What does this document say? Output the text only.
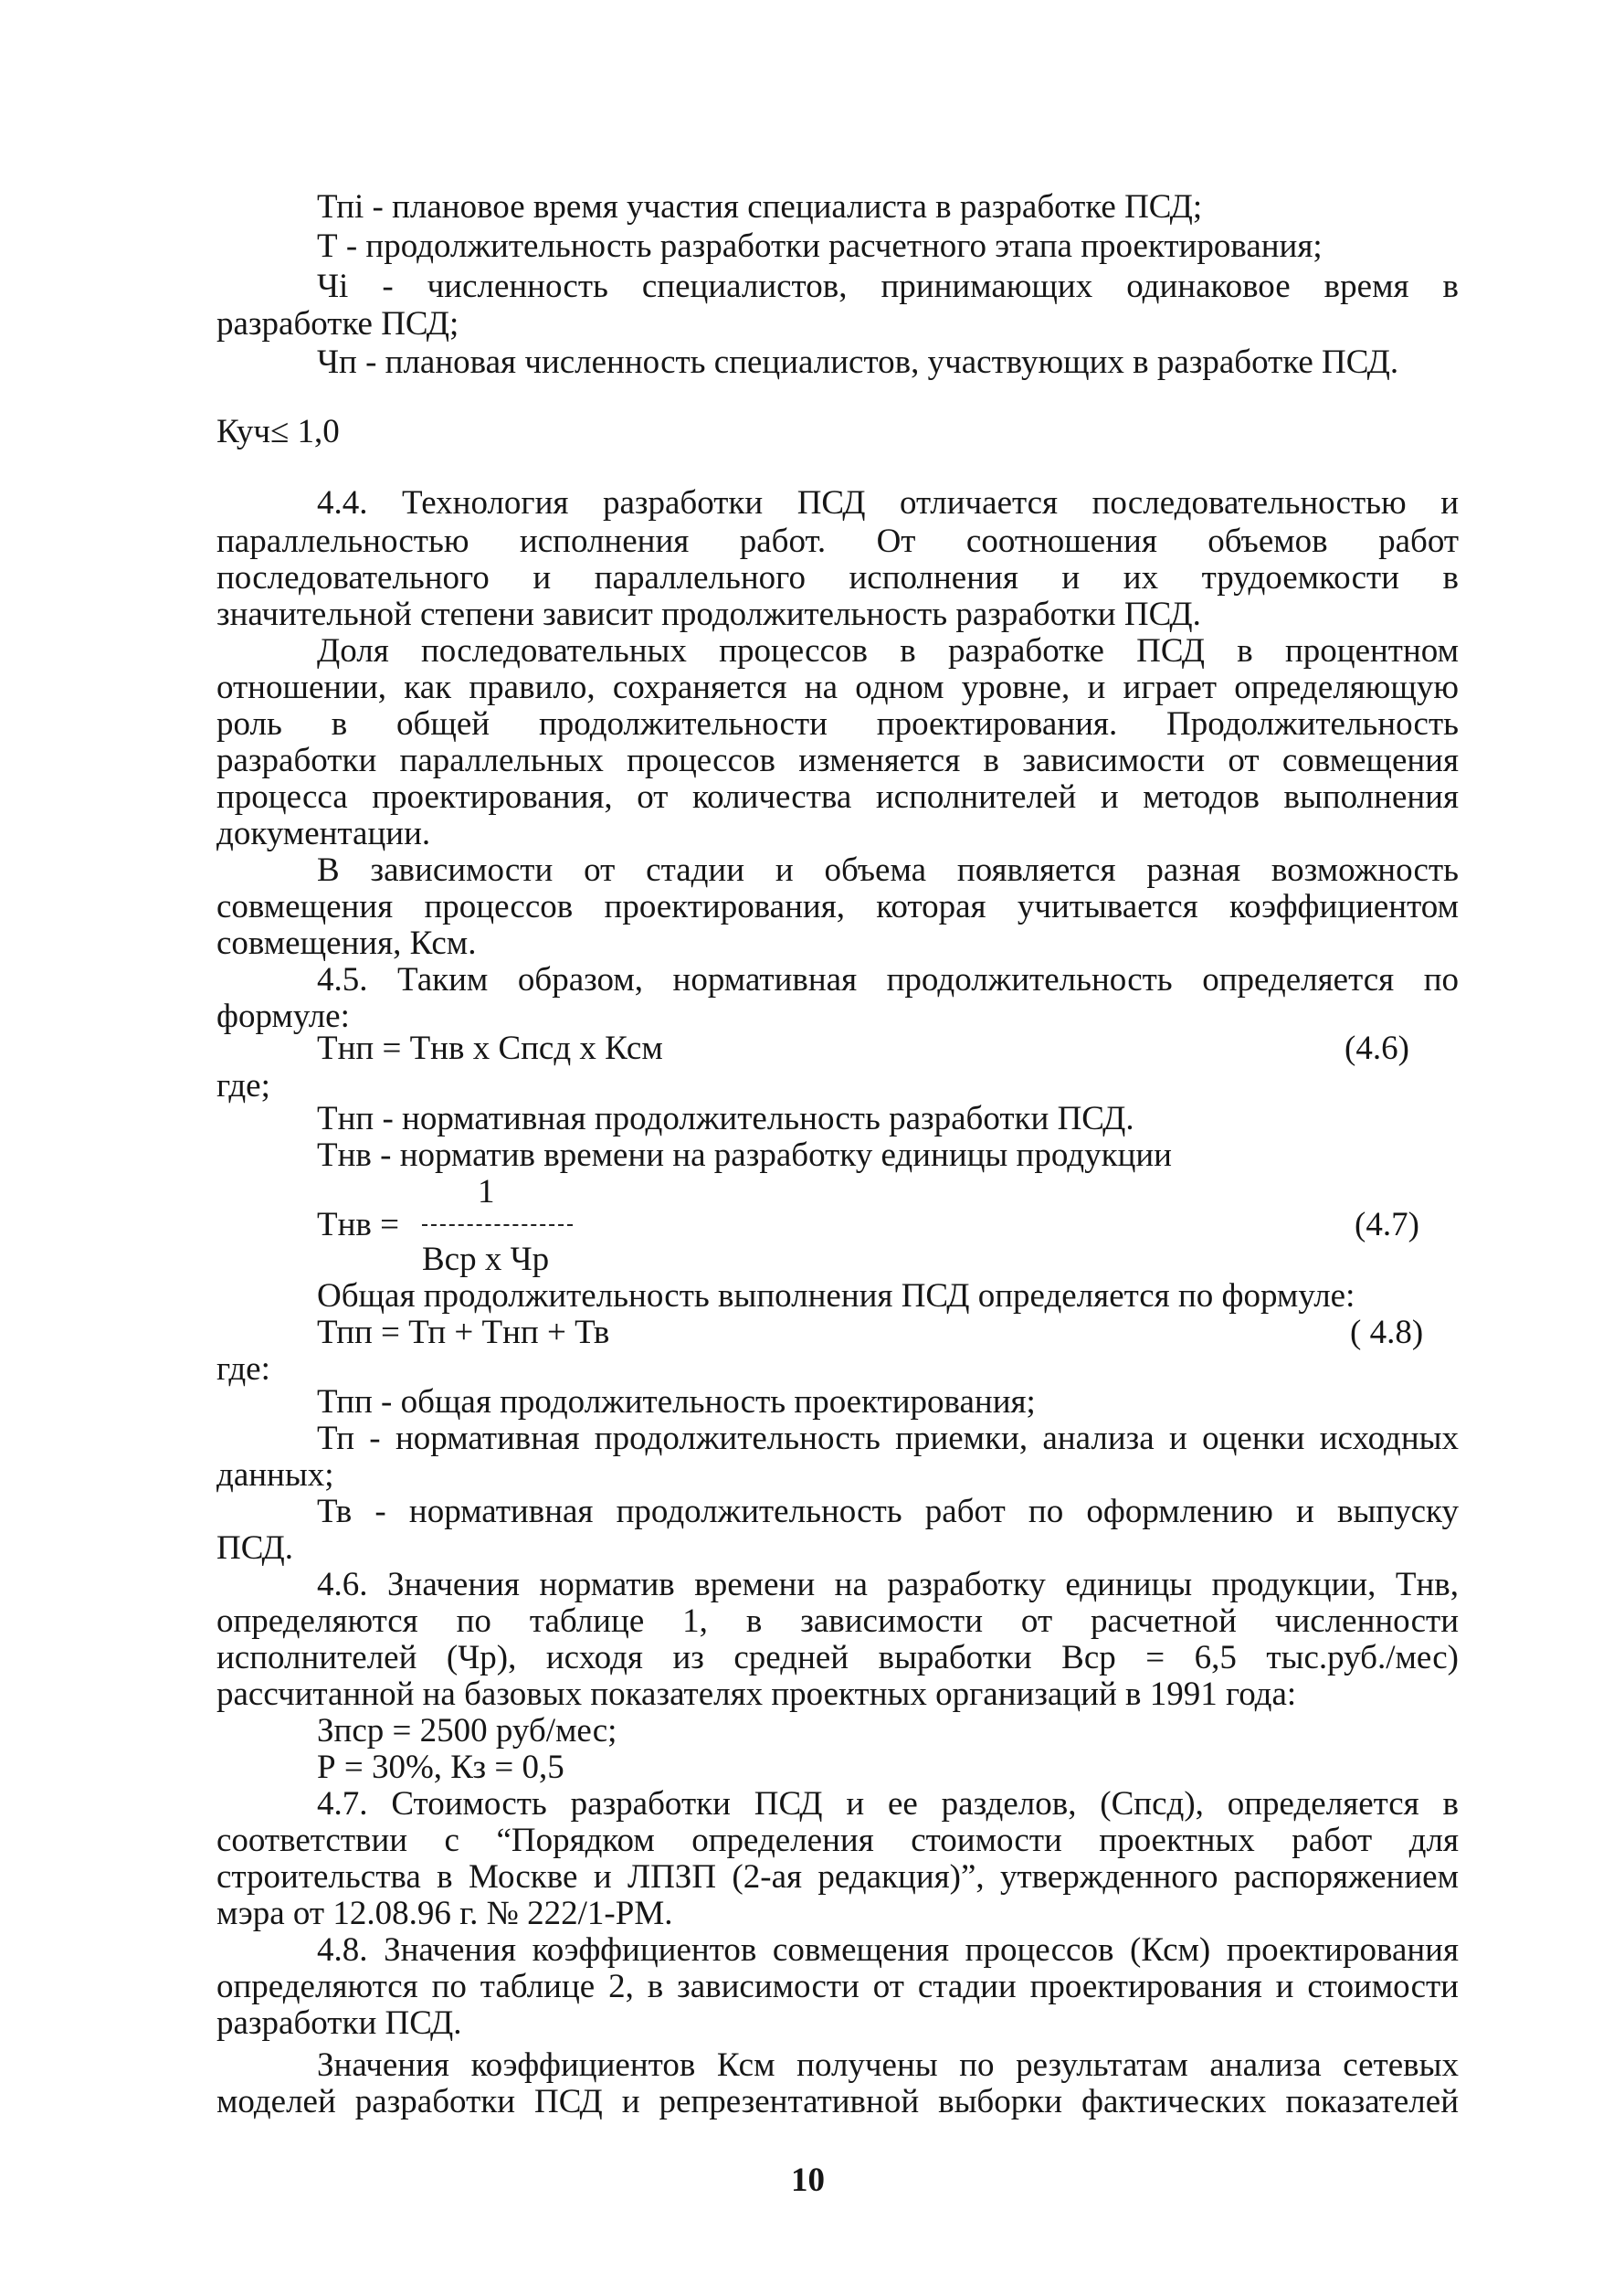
Тпi - плановое время участия специалиста в разработке ПСД;
Т - продолжительность разработки расчетного этапа проектирования;
Чi - численность специалистов, принимающих одинаковое время в
разработке ПСД;
Чп - плановая численность специалистов, участвующих в разработке ПСД.
Куч≤ 1,0
4.4. Технология разработки ПСД отличается последовательностью и
параллельностью исполнения работ. От соотношения объемов работ
последовательного и параллельного исполнения и их трудоемкости в
значительной степени зависит продолжительность разработки ПСД.
Доля последовательных процессов в разработке ПСД в процентном
отношении, как правило, сохраняется на одном уровне, и играет определяющую
роль в общей продолжительности проектирования. Продолжительность
разработки параллельных процессов изменяется в зависимости от совмещения
процесса проектирования, от количества исполнителей и методов выполнения
документации.
В зависимости от стадии и объема появляется разная возможность
совмещения процессов проектирования, которая учитывается коэффициентом
совмещения, Ксм.
4.5. Таким образом, нормативная продолжительность определяется по
формуле:
Тнп = Тнв х Спсд х Ксм	(4.6)
где;
Тнп - нормативная продолжительность разработки ПСД.
Тнв - норматив времени на разработку единицы продукции
1
Тнв =	(4.7)
Вср х Чр
Общая продолжительность выполнения ПСД определяется по формуле:
Тпп = Тп + Тнп + Тв	( 4.8)
где:
Тпп - общая продолжительность проектирования;
Тп - нормативная продолжительность приемки, анализа и оценки исходных
данных;
Тв - нормативная продолжительность работ по оформлению и выпуску
ПСД.
4.6. Значения норматив времени на разработку единицы продукции, Тнв,
определяются по таблице 1, в зависимости от расчетной численности
исполнителей (Чр), исходя из средней выработки Вср = 6,5 тыс.руб./мес)
рассчитанной на базовых показателях проектных организаций в 1991 года:
Зпср = 2500 руб/мес;
Р = 30%, Кз = 0,5
4.7. Стоимость разработки ПСД и ее разделов, (Спсд), определяется в
соответствии с “Порядком определения стоимости проектных работ для
строительства в Москве и ЛПЗП (2-ая редакция)”, утвержденного распоряжением
мэра от 12.08.96 г. № 222/1-РМ.
4.8. Значения коэффициентов совмещения процессов (Ксм) проектирования
определяются по таблице 2, в зависимости от стадии проектирования и стоимости
разработки ПСД.
Значения коэффициентов Ксм получены по результатам анализа сетевых
моделей разработки ПСД и репрезентативной выборки фактических показателей
10
